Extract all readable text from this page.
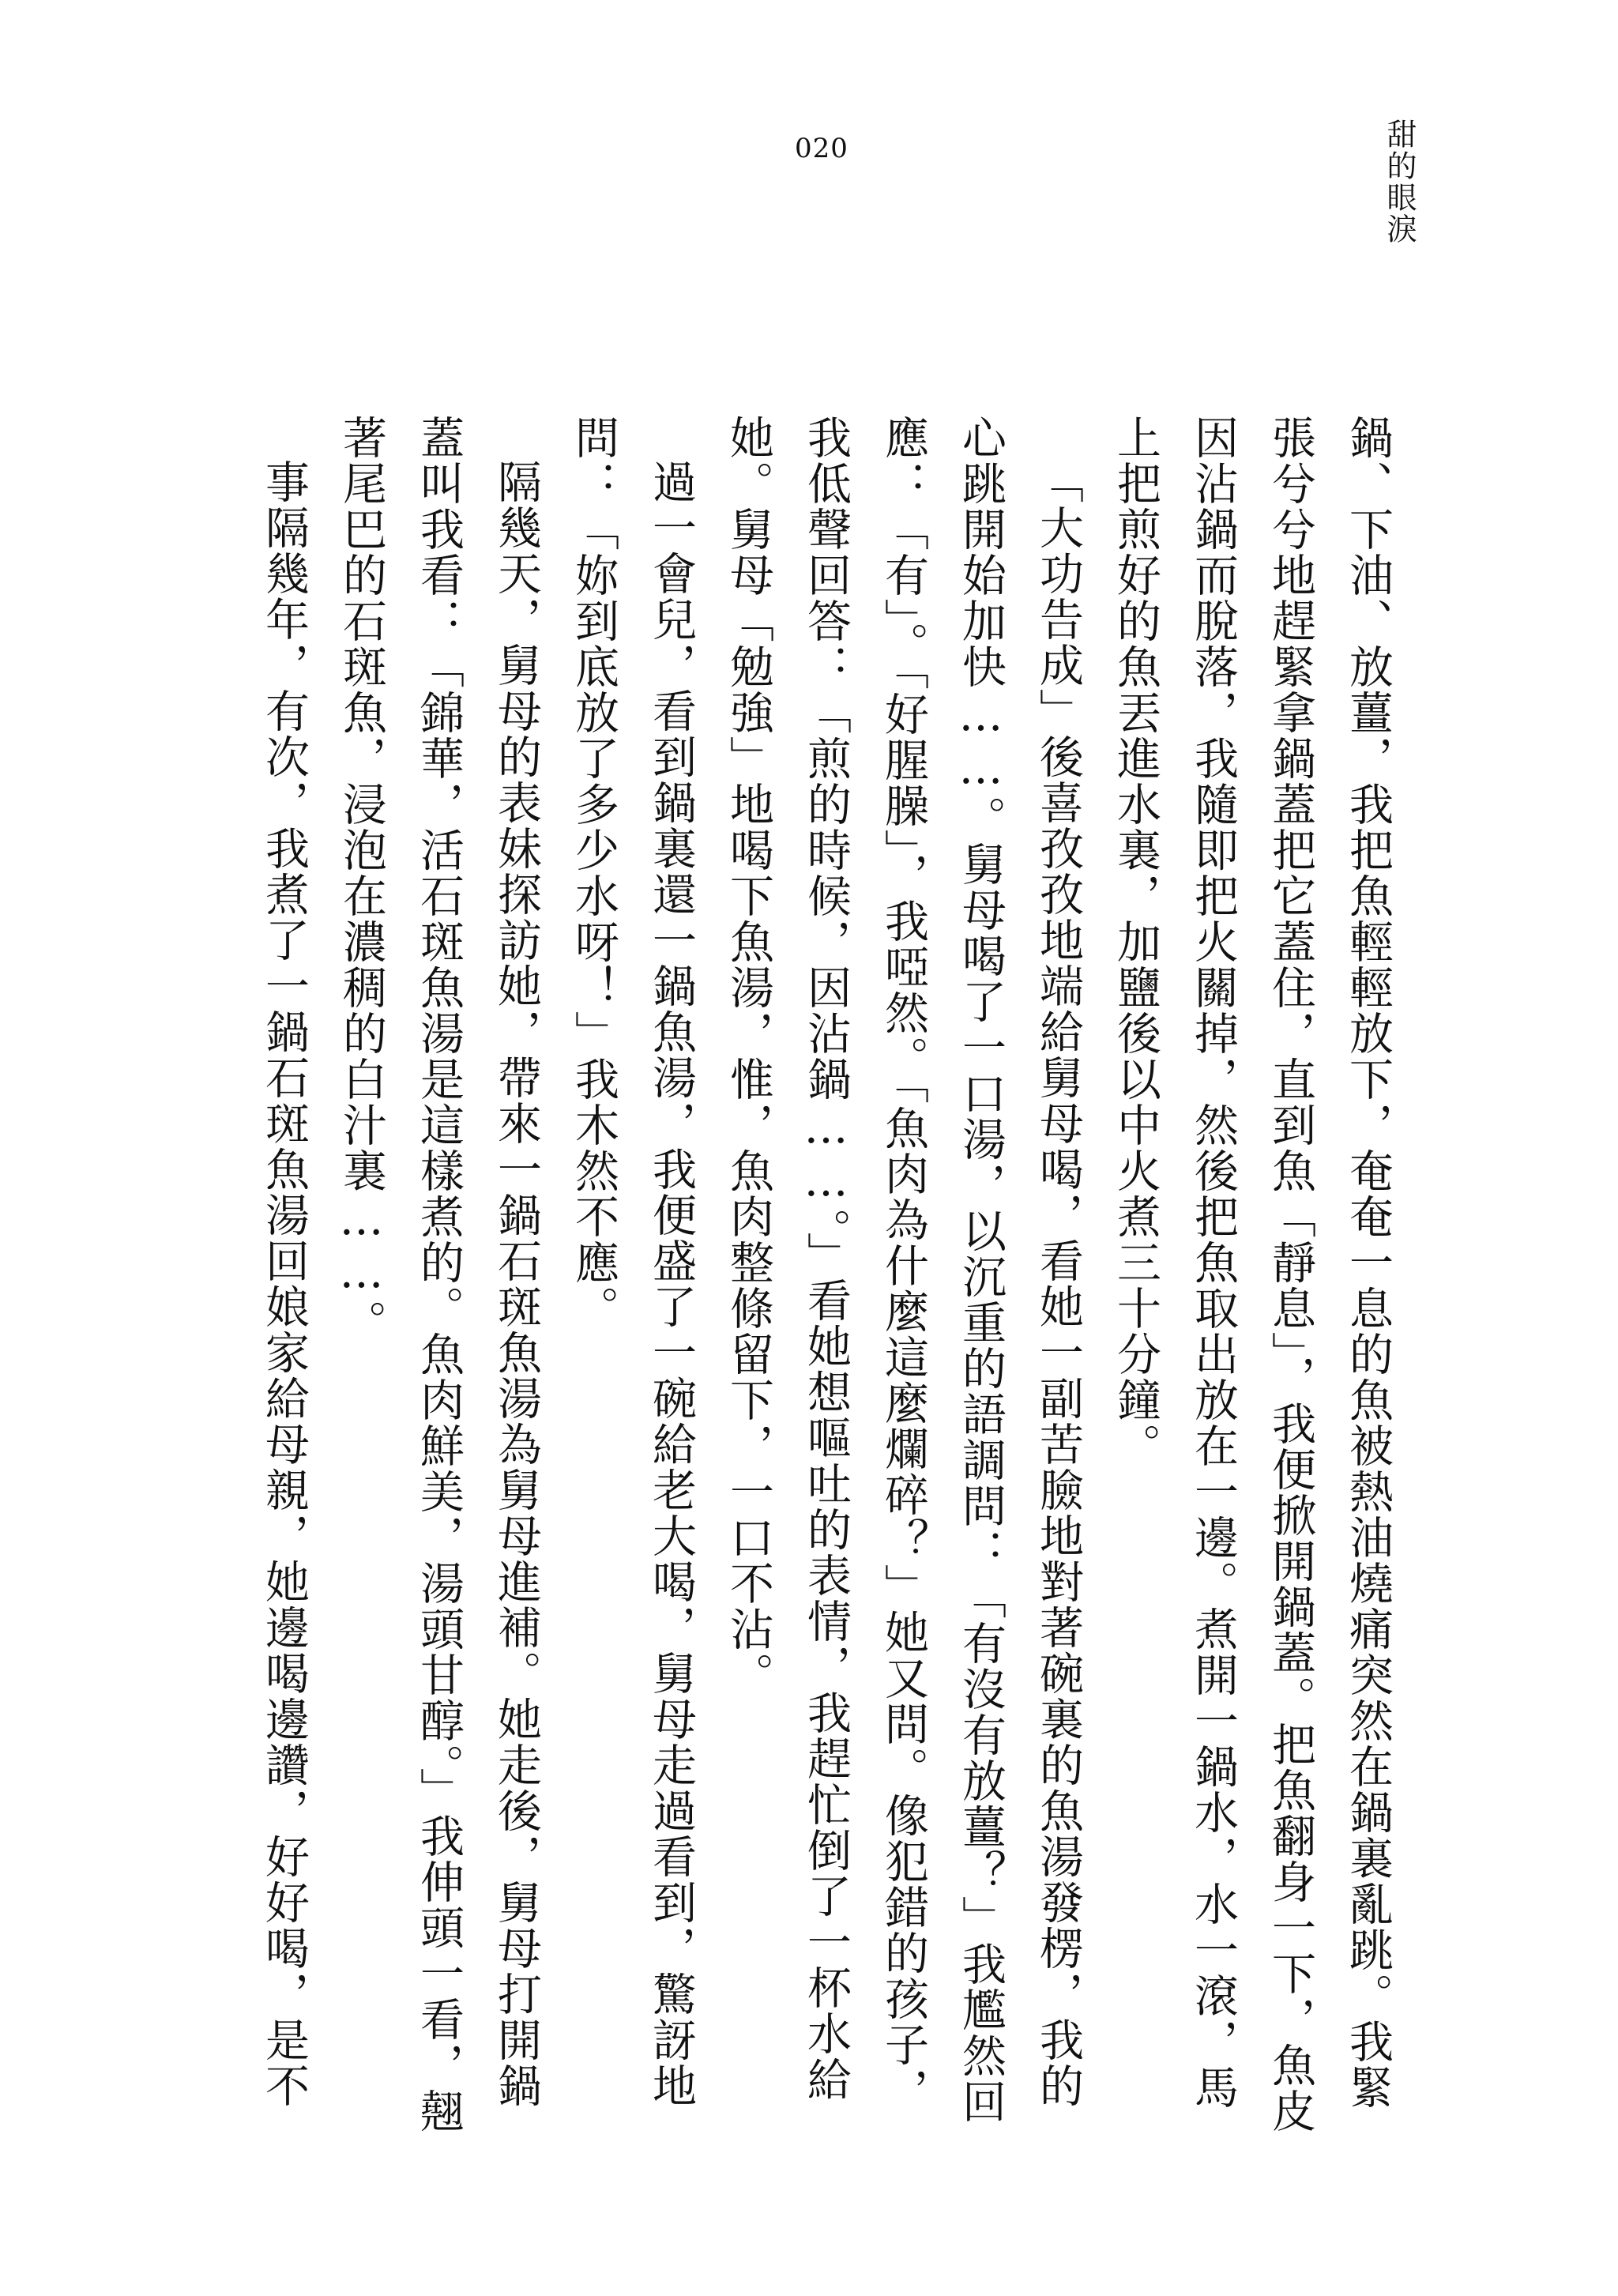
020	甜的眼淚

鍋、下油、放薑，我把魚輕輕放下，奄奄一息的魚被熱油燒痛突然在鍋裏亂跳。我緊張兮兮地趕緊拿鍋蓋把它蓋住，直到魚「靜息」，我便掀開鍋蓋。把魚翻身一下，魚皮因沾鍋而脫落，我隨即把火關掉，然後把魚取出放在一邊。煮開一鍋水，水一滾，馬上把煎好的魚丟進水裏，加鹽後以中火煮三十分鐘。

「大功告成」後喜孜孜地端給舅母喝，看她一副苦臉地對著碗裏的魚湯發楞，我的心跳開始加快……。舅母喝了一口湯，以沉重的語調問：「有沒有放薑？」我尷然回應：「有」。「好腥臊」，我啞然。「魚肉為什麼這麼爛碎？」她又問。像犯錯的孩子，我低聲回答：「煎的時候，因沾鍋……。」看她想嘔吐的表情，我趕忙倒了一杯水給她。舅母「勉強」地喝下魚湯，惟，魚肉整條留下，一口不沾。

過一會兒，看到鍋裏還一鍋魚湯，我便盛了一碗給老大喝，舅母走過看到，驚訝地問：「妳到底放了多少水呀！」我木然不應。

隔幾天，舅母的表妹探訪她，帶來一鍋石斑魚湯為舅母進補。她走後，舅母打開鍋蓋叫我看：「錦華，活石斑魚湯是這樣煮的。魚肉鮮美，湯頭甘醇。」我伸頭一看，翹著尾巴的石斑魚，浸泡在濃稠的白汁裏……。

事隔幾年，有次，我煮了一鍋石斑魚湯回娘家給母親，她邊喝邊讚，好好喝，是不
